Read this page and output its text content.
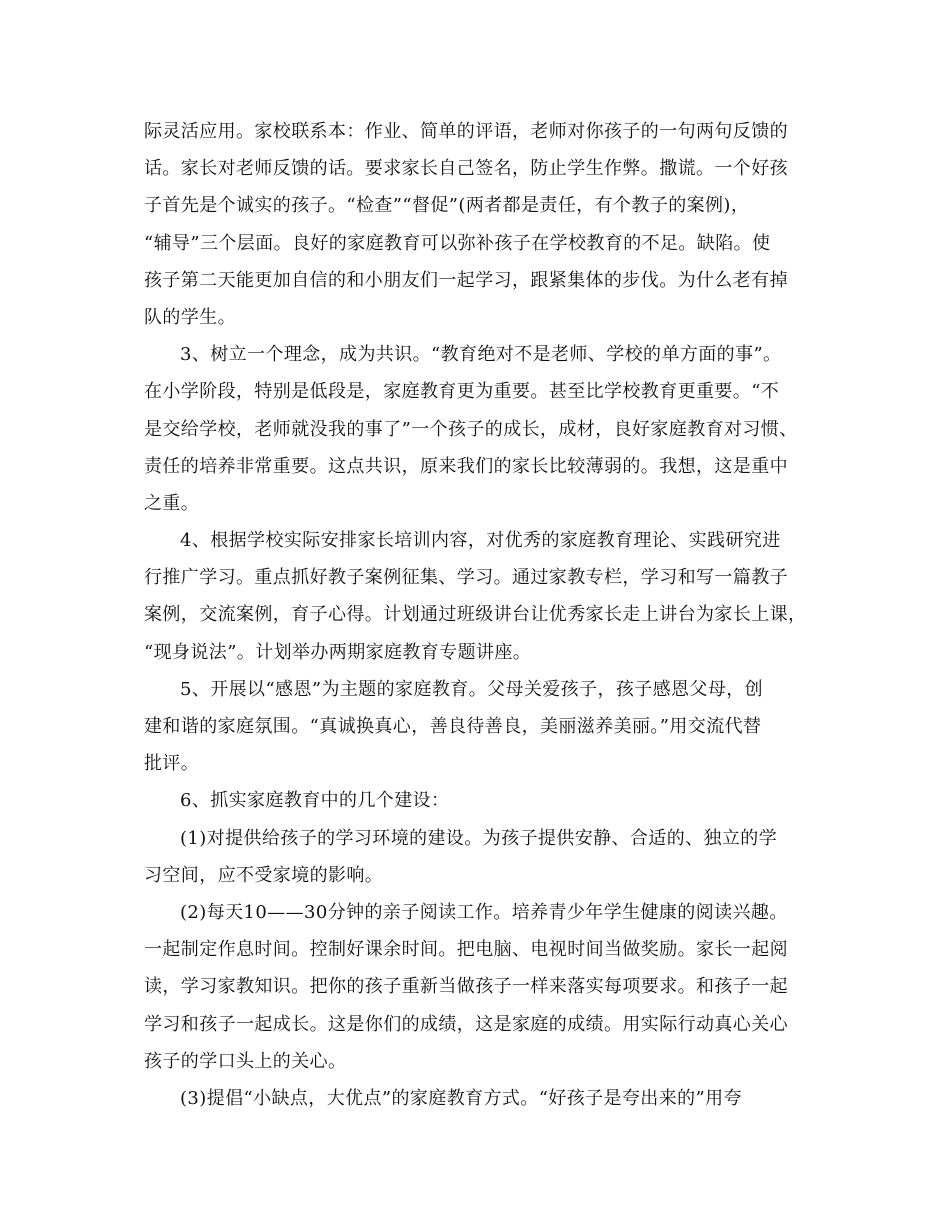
际灵活应用。家校联系本：作业、简单的评语，老师对你孩子的一句两句反馈的
话。家长对老师反馈的话。要求家长自己签名，防止学生作弊。撒谎。一个好孩
子首先是个诚实的孩子。“检查”“督促”(两者都是责任，有个教子的案例)，
“辅导”三个层面。良好的家庭教育可以弥补孩子在学校教育的不足。缺陷。使
孩子第二天能更加自信的和小朋友们一起学习，跟紧集体的步伐。为什么老有掉
队的学生。
3、树立一个理念，成为共识。“教育绝对不是老师、学校的单方面的事”。
在小学阶段，特别是低段是，家庭教育更为重要。甚至比学校教育更重要。“不
是交给学校，老师就没我的事了”一个孩子的成长，成材，良好家庭教育对习惯、
责任的培养非常重要。这点共识，原来我们的家长比较薄弱的。我想，这是重中
之重。
4、根据学校实际安排家长培训内容，对优秀的家庭教育理论、实践研究进
行推广学习。重点抓好教子案例征集、学习。通过家教专栏，学习和写一篇教子
案例，交流案例，育子心得。计划通过班级讲台让优秀家长走上讲台为家长上课，
“现身说法”。计划举办两期家庭教育专题讲座。
5、开展以“感恩”为主题的家庭教育。父母关爱孩子，孩子感恩父母，创
建和谐的家庭氛围。“真诚换真心，善良待善良，美丽滋养美丽。”用交流代替
批评。
6、抓实家庭教育中的几个建设：
(1)对提供给孩子的学习环境的建设。为孩子提供安静、合适的、独立的学
习空间，应不受家境的影响。
(2)每天10——30分钟的亲子阅读工作。培养青少年学生健康的阅读兴趣。
一起制定作息时间。控制好课余时间。把电脑、电视时间当做奖励。家长一起阅
读，学习家教知识。把你的孩子重新当做孩子一样来落实每项要求。和孩子一起
学习和孩子一起成长。这是你们的成绩，这是家庭的成绩。用实际行动真心关心
孩子的学口头上的关心。
(3)提倡“小缺点，大优点”的家庭教育方式。“好孩子是夸出来的”用夸
